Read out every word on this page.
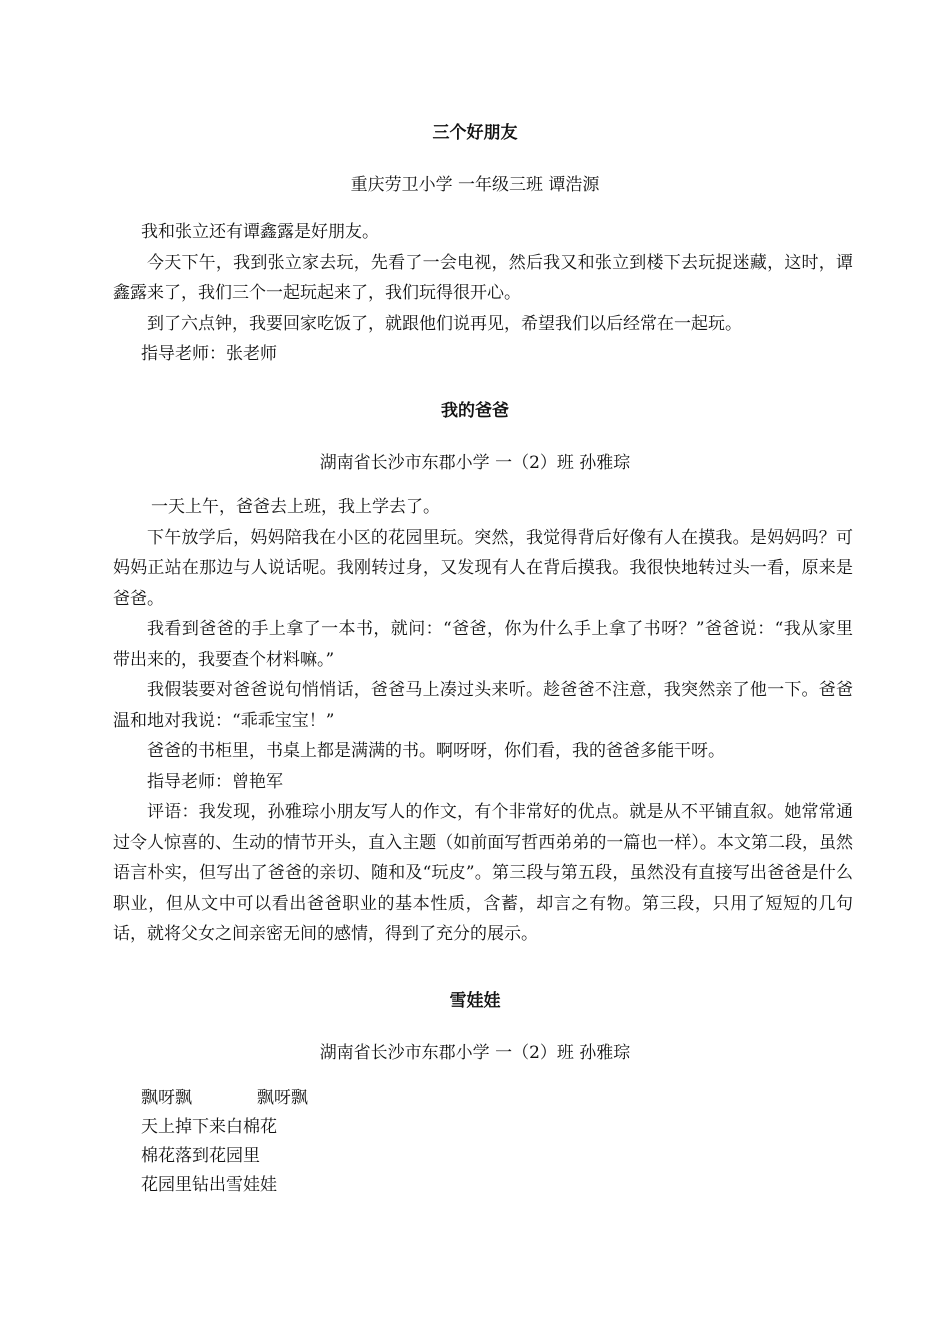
三个好朋友
重庆劳卫小学 一年级三班 谭浩源

我和张立还有谭鑫露是好朋友。

今天下午，我到张立家去玩，先看了一会电视，然后我又和张立到楼下去玩捉迷藏，这时，谭鑫露来了，我们三个一起玩起来了，我们玩得很开心。

到了六点钟，我要回家吃饭了，就跟他们说再见，希望我们以后经常在一起玩。

指导老师：张老师

我的爸爸
湖南省长沙市东郡小学 一（2）班 孙雅琮

一天上午，爸爸去上班，我上学去了。

下午放学后，妈妈陪我在小区的花园里玩。突然，我觉得背后好像有人在摸我。是妈妈吗？可妈妈正站在那边与人说话呢。我刚转过身，又发现有人在背后摸我。我很快地转过头一看，原来是爸爸。

我看到爸爸的手上拿了一本书，就问：“爸爸，你为什么手上拿了书呀？”爸爸说：“我从家里带出来的，我要查个材料嘛。”

我假装要对爸爸说句悄悄话，爸爸马上凑过头来听。趁爸爸不注意，我突然亲了他一下。爸爸温和地对我说：“乖乖宝宝！”

爸爸的书柜里，书桌上都是满满的书。啊呀呀，你们看，我的爸爸多能干呀。

指导老师：曾艳军

评语：我发现，孙雅琮小朋友写人的作文，有个非常好的优点。就是从不平铺直叙。她常常通过令人惊喜的、生动的情节开头，直入主题（如前面写哲西弟弟的一篇也一样）。本文第二段，虽然语言朴实，但写出了爸爸的亲切、随和及“玩皮”。第三段与第五段，虽然没有直接写出爸爸是什么职业，但从文中可以看出爸爸职业的基本性质，含蓄，却言之有物。第三段，只用了短短的几句话，就将父女之间亲密无间的感情，得到了充分的展示。

雪娃娃
湖南省长沙市东郡小学 一（2）班 孙雅琮

飘呀飘            飘呀飘

天上掉下来白棉花

棉花落到花园里

花园里钻出雪娃娃
